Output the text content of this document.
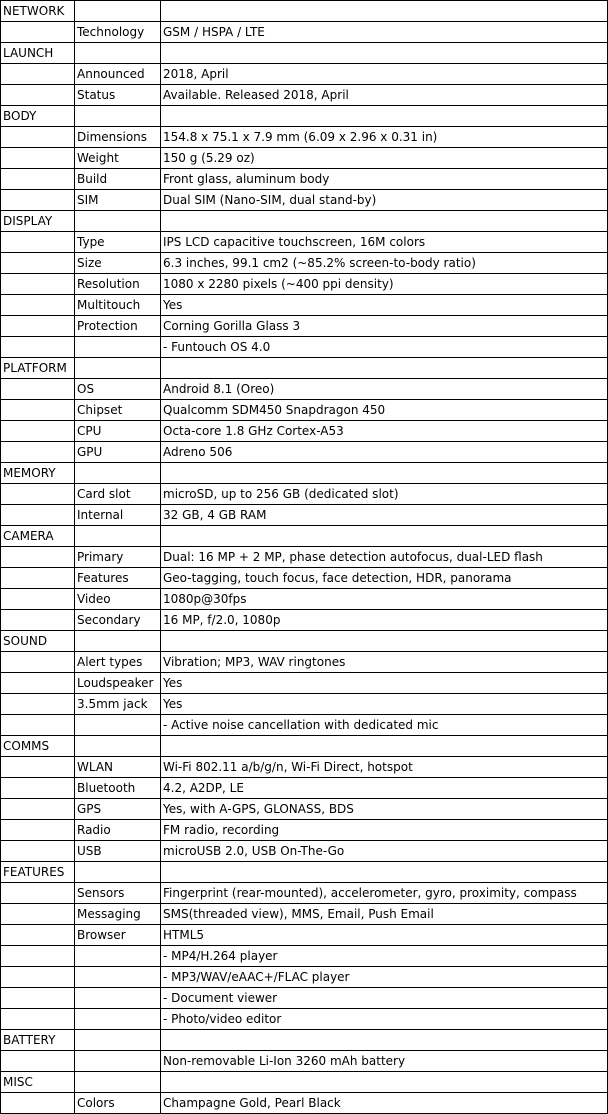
NETWORK		
	Technology	GSM / HSPA / LTE
LAUNCH		
	Announced	2018, April
	Status	Available. Released 2018, April
BODY		
	Dimensions	154.8 x 75.1 x 7.9 mm (6.09 x 2.96 x 0.31 in)
	Weight	150 g (5.29 oz)
	Build	Front glass, aluminum body
	SIM	Dual SIM (Nano-SIM, dual stand-by)
DISPLAY		
	Type	IPS LCD capacitive touchscreen, 16M colors
	Size	6.3 inches, 99.1 cm2 (~85.2% screen-to-body ratio)
	Resolution	1080 x 2280 pixels (~400 ppi density)
	Multitouch	Yes
	Protection	Corning Gorilla Glass 3
		- Funtouch OS 4.0
PLATFORM		
	OS	Android 8.1 (Oreo)
	Chipset	Qualcomm SDM450 Snapdragon 450
	CPU	Octa-core 1.8 GHz Cortex-A53
	GPU	Adreno 506
MEMORY		
	Card slot	microSD, up to 256 GB (dedicated slot)
	Internal	32 GB, 4 GB RAM
CAMERA		
	Primary	Dual: 16 MP + 2 MP, phase detection autofocus, dual-LED flash
	Features	Geo-tagging, touch focus, face detection, HDR, panorama
	Video	1080p@30fps
	Secondary	16 MP, f/2.0, 1080p
SOUND		
	Alert types	Vibration; MP3, WAV ringtones
	Loudspeaker	Yes
	3.5mm jack	Yes
		- Active noise cancellation with dedicated mic
COMMS		
	WLAN	Wi-Fi 802.11 a/b/g/n, Wi-Fi Direct, hotspot
	Bluetooth	4.2, A2DP, LE
	GPS	Yes, with A-GPS, GLONASS, BDS
	Radio	FM radio, recording
	USB	microUSB 2.0, USB On-The-Go
FEATURES		
	Sensors	Fingerprint (rear-mounted), accelerometer, gyro, proximity, compass
	Messaging	SMS(threaded view), MMS, Email, Push Email
	Browser	HTML5
		- MP4/H.264 player
		- MP3/WAV/eAAC+/FLAC player
		- Document viewer
		- Photo/video editor
BATTERY		
		Non-removable Li-Ion 3260 mAh battery
MISC		
	Colors	Champagne Gold, Pearl Black
